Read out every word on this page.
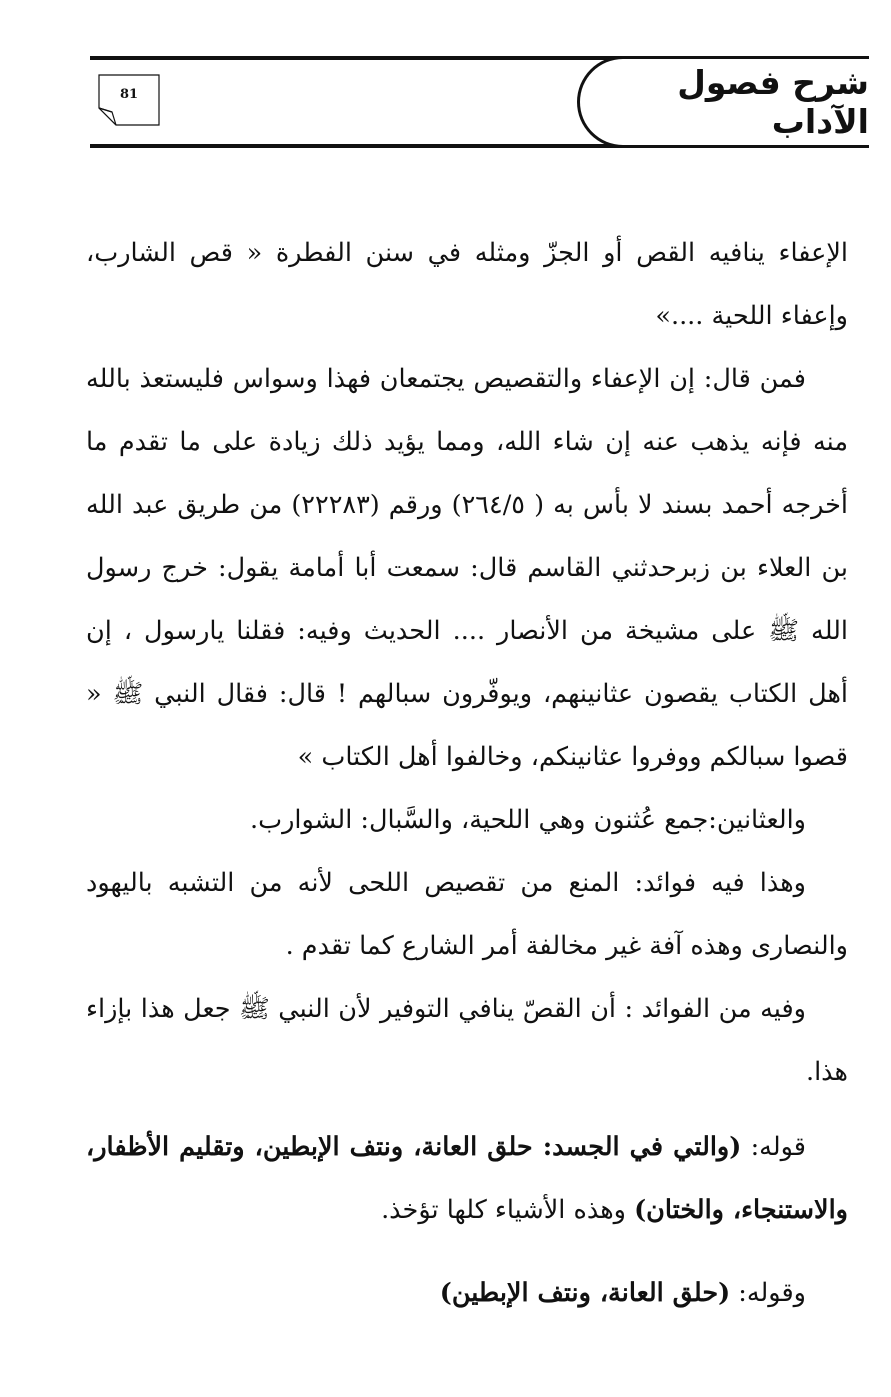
شرح فصول الآداب
81

الإعفاء ينافيه القص أو الجزّ ومثله في سنن الفطرة « قص الشارب، وإعفاء اللحية ....»

فمن قال: إن الإعفاء والتقصيص يجتمعان فهذا وسواس فليستعذ بالله منه فإنه يذهب عنه إن شاء الله، ومما يؤيد ذلك زيادة على ما تقدم ما أخرجه أحمد بسند لا بأس به ( ٢٦٤/٥) ورقم (٢٢٢٨٣) من طريق عبد الله بن العلاء بن زبرحدثني القاسم قال: سمعت أبا أمامة يقول: خرج رسول الله ﷺ على مشيخة من الأنصار .... الحديث وفيه: فقلنا يارسول ، إن أهل الكتاب يقصون عثانينهم، ويوفّرون سبالهم ! قال: فقال النبي ﷺ « قصوا سبالكم ووفروا عثانينكم، وخالفوا أهل الكتاب »

والعثانين:جمع عُثنون وهي اللحية، والسَّبال: الشوارب.

وهذا فيه فوائد: المنع من تقصيص اللحى لأنه من التشبه باليهود والنصارى وهذه آفة غير مخالفة أمر الشارع كما تقدم .

وفيه من الفوائد : أن القصّ ينافي التوفير لأن النبي ﷺ جعل هذا بإزاء هذا.

قوله: (والتي في الجسد: حلق العانة، ونتف الإبطين، وتقليم الأظفار، والاستنجاء، والختان) وهذه الأشياء كلها تؤخذ.

وقوله: (حلق العانة، ونتف الإبطين)
